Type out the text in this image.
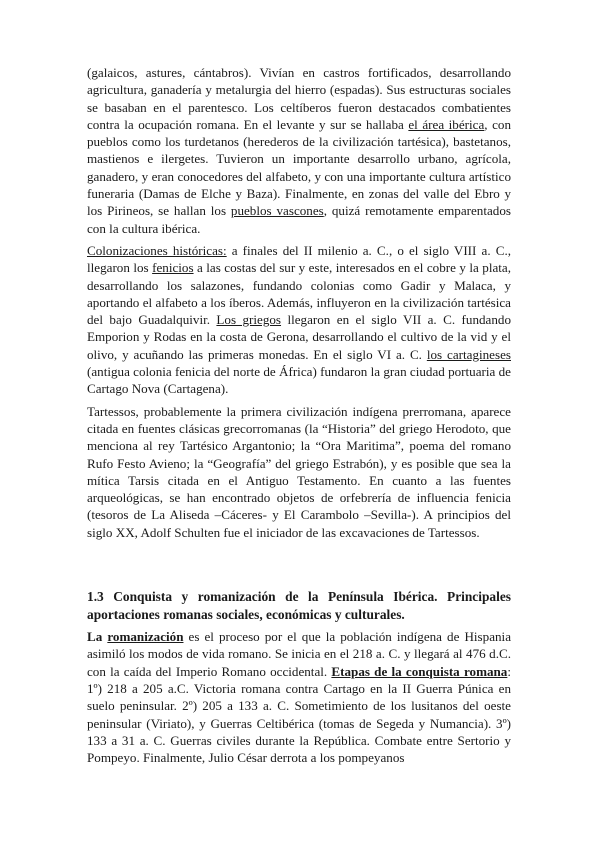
(galaicos, astures, cántabros). Vivían en castros fortificados, desarrollando agricultura, ganadería y metalurgia del hierro (espadas). Sus estructuras sociales se basaban en el parentesco. Los celtíberos fueron destacados combatientes contra la ocupación romana. En el levante y sur se hallaba el área ibérica, con pueblos como los turdetanos (herederos de la civilización tartésica), bastetanos, mastienos e ilergetes. Tuvieron un importante desarrollo urbano, agrícola, ganadero, y eran conocedores del alfabeto, y con una importante cultura artístico funeraria (Damas de Elche y Baza). Finalmente, en zonas del valle del Ebro y los Pirineos, se hallan los pueblos vascones, quizá remotamente emparentados con la cultura ibérica.

Colonizaciones históricas: a finales del II milenio a. C., o el siglo VIII a. C., llegaron los fenicios a las costas del sur y este, interesados en el cobre y la plata, desarrollando los salazones, fundando colonias como Gadir y Malaca, y aportando el alfabeto a los íberos. Además, influyeron en la civilización tartésica del bajo Guadalquivir. Los griegos llegaron en el siglo VII a. C. fundando Emporion y Rodas en la costa de Gerona, desarrollando el cultivo de la vid y el olivo, y acuñando las primeras monedas. En el siglo VI a. C. los cartagineses (antigua colonia fenicia del norte de África) fundaron la gran ciudad portuaria de Cartago Nova (Cartagena).

Tartessos, probablemente la primera civilización indígena prerromana, aparece citada en fuentes clásicas grecorromanas (la “Historia” del griego Herodoto, que menciona al rey Tartésico Argantonio; la “Ora Maritima”, poema del romano Rufo Festo Avieno; la “Geografía” del griego Estrabón), y es posible que sea la mítica Tarsis citada en el Antiguo Testamento. En cuanto a las fuentes arqueológicas, se han encontrado objetos de orfebrería de influencia fenicia (tesoros de La Aliseda –Cáceres- y El Carambolo –Sevilla-). A principios del siglo XX, Adolf Schulten fue el iniciador de las excavaciones de Tartessos.

1.3 Conquista y romanización de la Península Ibérica. Principales aportaciones romanas sociales, económicas y culturales.

La romanización es el proceso por el que la población indígena de Hispania asimiló los modos de vida romano. Se inicia en el 218 a. C. y llegará al 476 d.C. con la caída del Imperio Romano occidental. Etapas de la conquista romana: 1º) 218 a 205 a.C. Victoria romana contra Cartago en la II Guerra Púnica en suelo peninsular. 2º) 205 a 133 a. C. Sometimiento de los lusitanos del oeste peninsular (Viriato), y Guerras Celtibérica (tomas de Segeda y Numancia). 3º) 133 a 31 a. C. Guerras civiles durante la República. Combate entre Sertorio y Pompeyo. Finalmente, Julio César derrota a los pompeyanos
